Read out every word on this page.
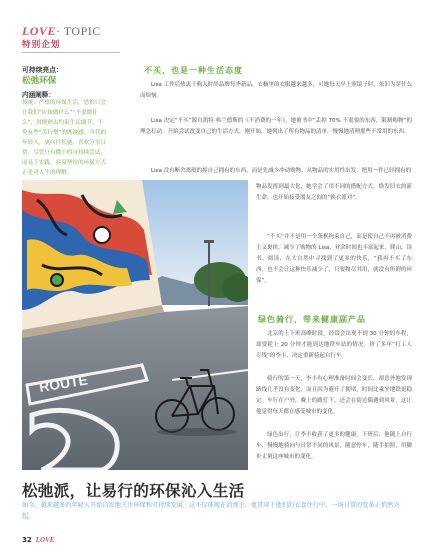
LOVE· TOPIC
特别企划
可持续亮点：
松弛环保
内涵阐释：
传统、严格的环保生活，恐怕只会让我们“应该做什么”“不要做什么”，用规则去约束生活细节，不免有些“苦行僧”的既视感。当代的年轻人，更向往松弛、喜欢分享日常，尽管只有微小的可持续尝试，而易于实践、容易坚持的环保方式正是对人生的理解。
不买，也是一种生活态度

Lisa 工作后热衷于购入时尚品牌每季新品。衣橱里的衣服越来越多，可她每天早上照镜子时，依旧为穿什么而烦恼。

Lisa 决定“不买”源自凯特·弗兰德斯的《不消费的一年》，她被书中“丢掉 70% 不需要的东西，限制购物”的理念打动，开始尝试改变自己的生活方式。刚开始，她列出了所有物品的清单，慢慢地清理那些不常用的东西。

Lisa 没有断舍离般的掉自己拥有的东西，而是先减少冲动购物，从物品的实用性出发。把用一件已经拥有的

物品发挥到最大化，她学会了用不同的搭配方式，焕发旧衣的新生命，也开始接受朋友之间的“换衣派对”。

“不买”并不是用一个条框拘束自己，而是使自己不再被消费主义裹挟。减少了购物的 Lisa，业余时间也丰富起来，爬山、读书、阅读、在大自然中寻找到了更多的快乐，“我再不买了东西，也不会让这种快乐减少了，只要物尽其用，就没有所谓的环保”。

绿色骑行，带来健康副产品

北京的上下班高峰时段，经常会出现不到 30 分钟的车程，却要耗上 20 分钟才能到达地铁车站的情况。挤了多年“打工人专线”的李丰，决定重新骑起自行车。

骑行的第一天，李丰有心理准备时间会变长，却意外地发现路线几乎没有变化，而且因为避开了拥堵，时间比乘坐地铁更稳定。车行在户外，晚上的路灯下，还会在街边偶遇到风景，这让他觉得每天都在感受城市的变化。

绿色出行，让李丰收获了更多的健康，下班后，他随上自行车，慢慢地骑向与日常不同的风景，随意停车，随手拍照，用脚步丈量这座城市的变化。

ROUTE
松弛派，让易行的环保沁入生活
如今，越来越多的年轻人开始自发地关注环保和可持续发展，这不仅体现在消费上，更贯穿于他们的衣食住行中，一场日常的变革正悄然兴起。
32 LOVE
